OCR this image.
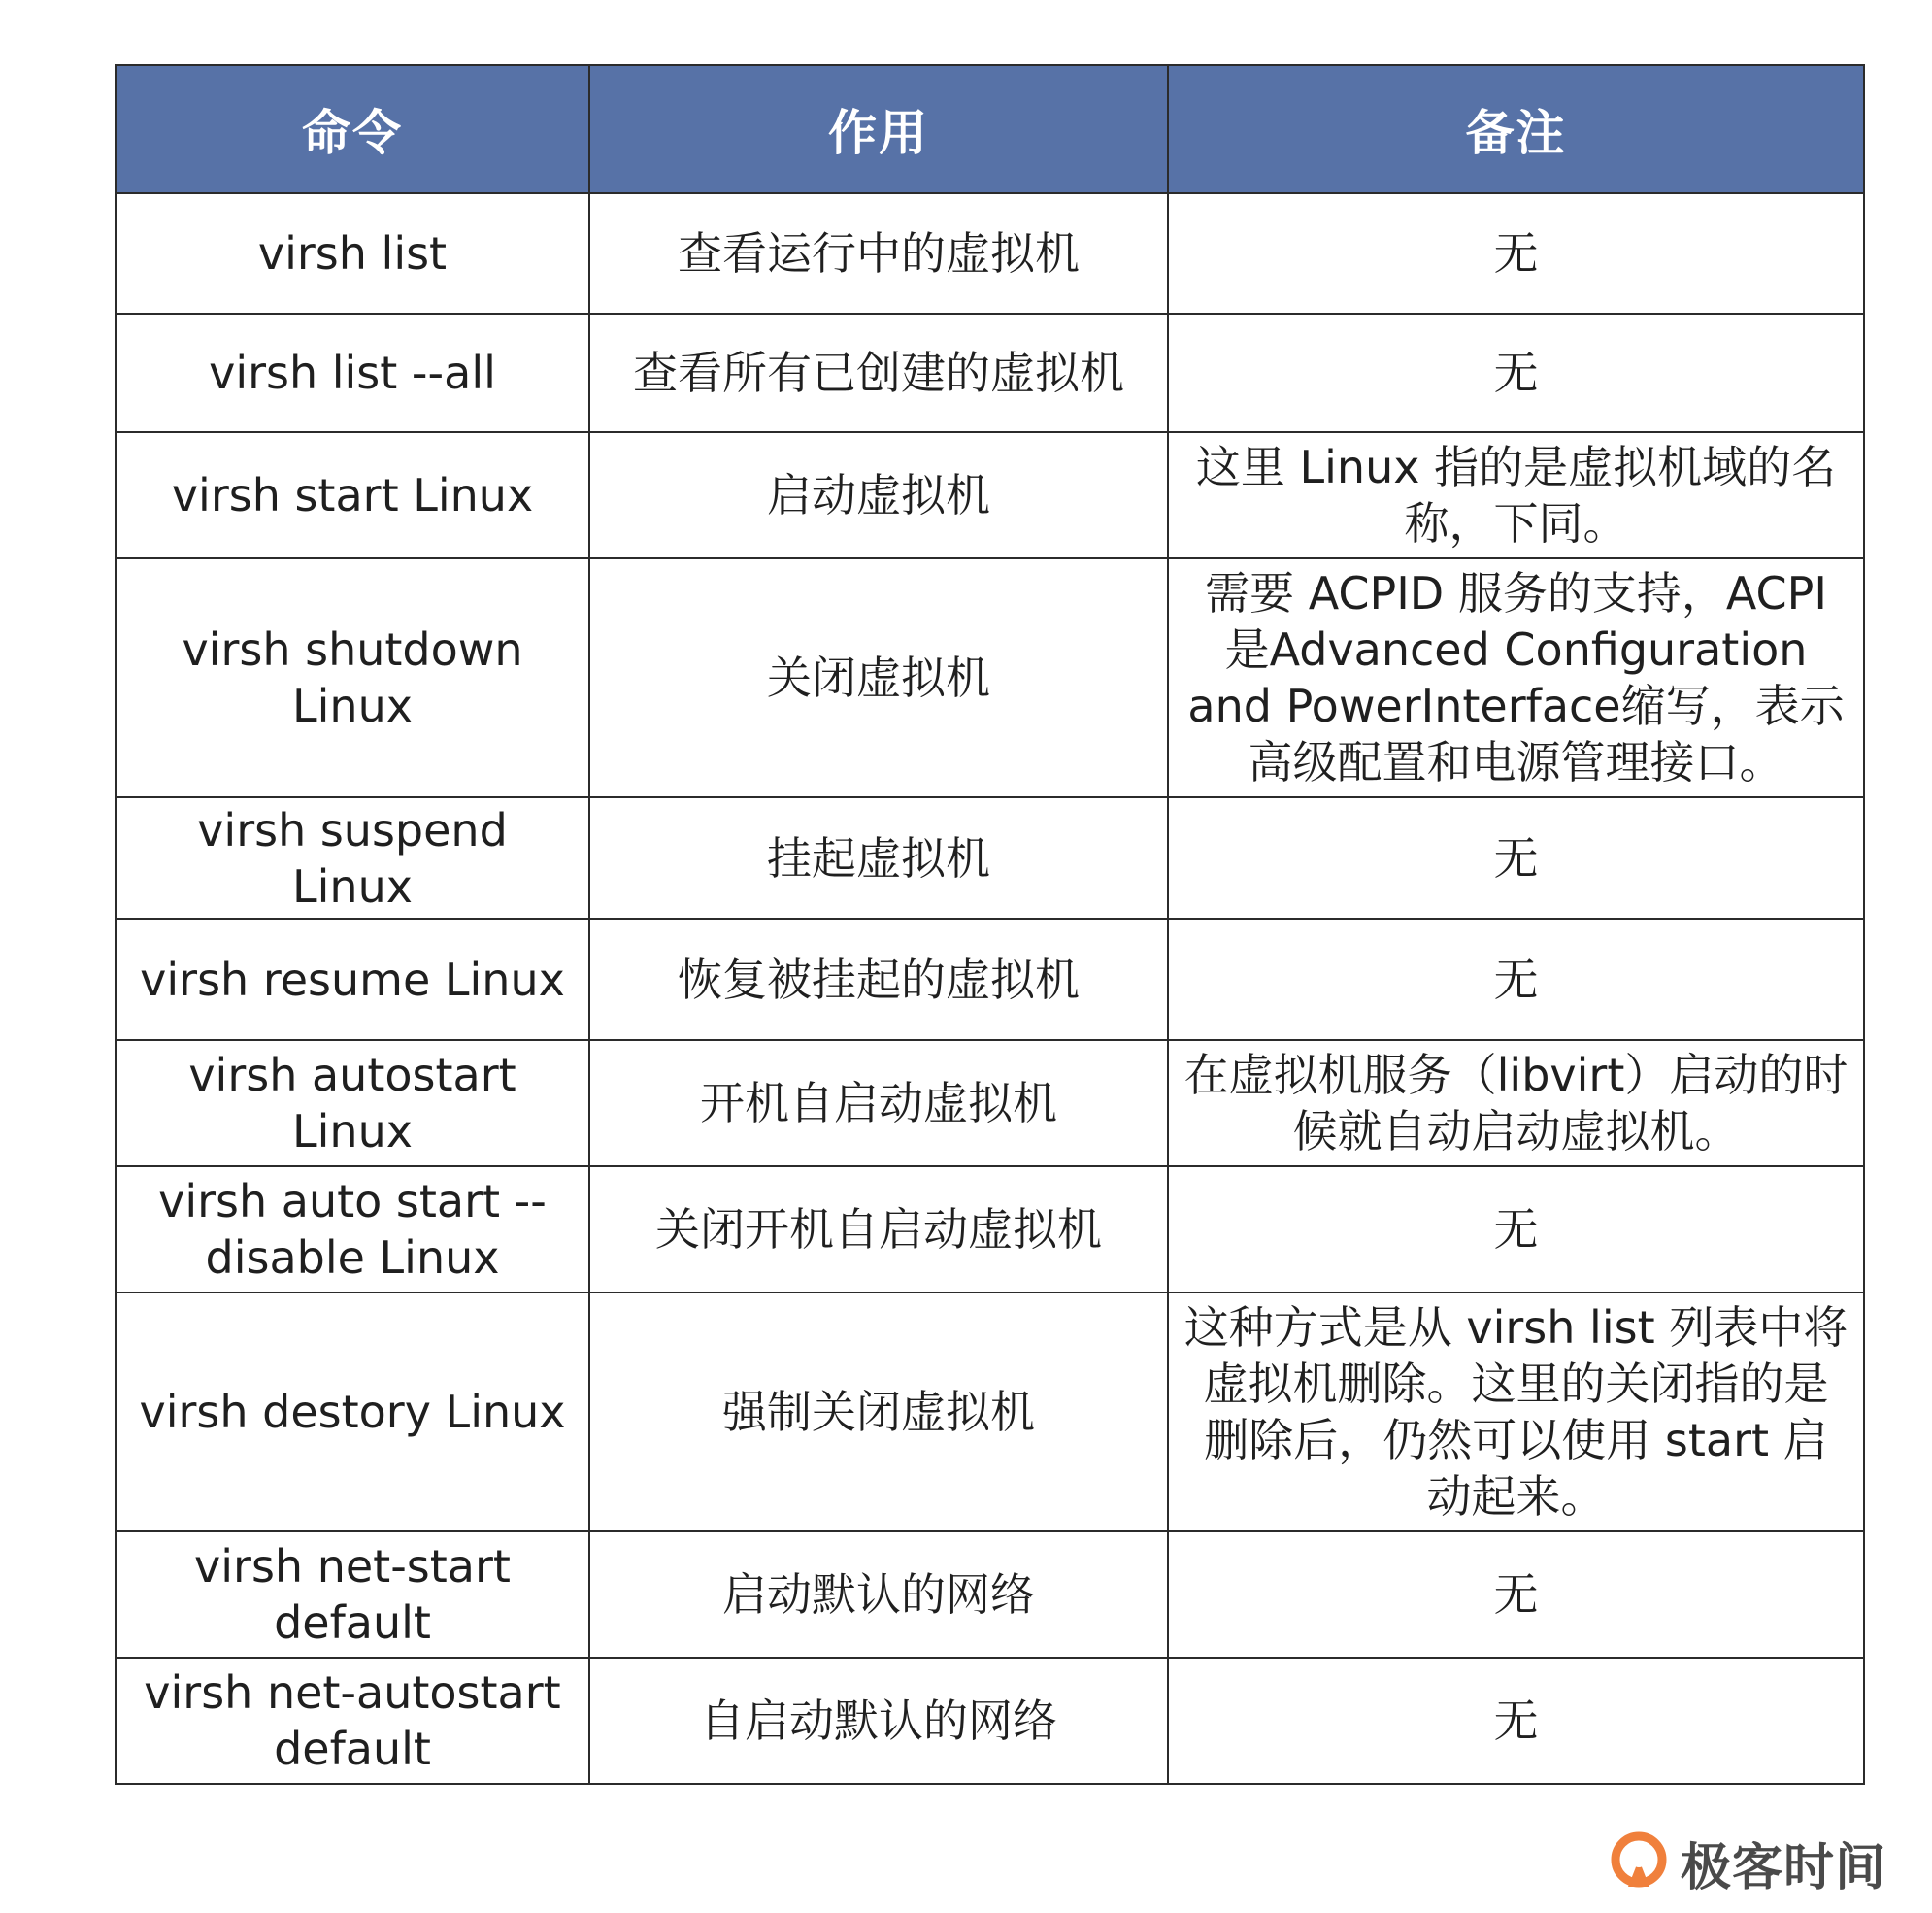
命令	作用	备注
virsh list	查看运行中的虚拟机	无
virsh list --all	查看所有已创建的虚拟机	无
virsh start Linux	启动虚拟机	这里 Linux 指的是虚拟机域的名称，下同。
virsh shutdown Linux	关闭虚拟机	需要 ACPID 服务的支持，ACPI 是Advanced Configuration and PowerInterface缩写，表示高级配置和电源管理接口。
virsh suspend Linux	挂起虚拟机	无
virsh resume Linux	恢复被挂起的虚拟机	无
virsh autostart Linux	开机自启动虚拟机	在虚拟机服务（libvirt）启动的时候就自动启动虚拟机。
virsh auto start --disable Linux	关闭开机自启动虚拟机	无
virsh destory Linux	强制关闭虚拟机	这种方式是从 virsh list 列表中将虚拟机删除。这里的关闭指的是删除后，仍然可以使用 start 启动起来。
virsh net-start default	启动默认的网络	无
virsh net-autostart default	自启动默认的网络	无
极客时间
